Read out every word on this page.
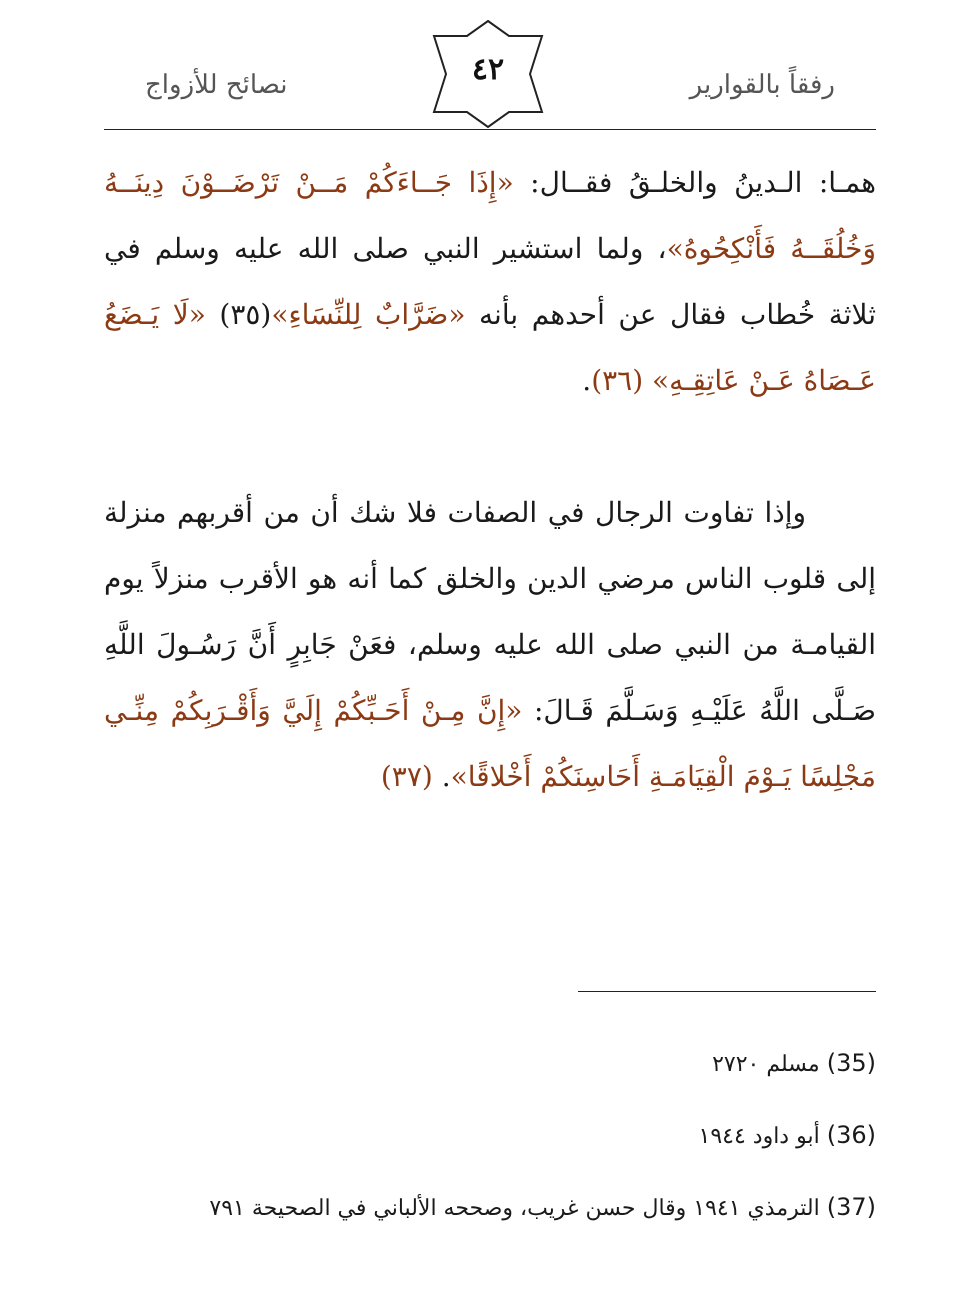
رفقاً بالقوارير
٤٢
نصائح للأزواج
همـا: الـدينُ والخلـقُ فقــال: «إِذَا جَــاءَكُمْ مَــنْ تَرْضَــوْنَ دِينَــهُ وَخُلُقَــهُ فَأَنْكِحُوهُ»، ولما استشير النبي صلى الله عليه وسلم في ثلاثة خُطاب فقال عن أحدهم بأنه «ضَرَّابٌ لِلنِّسَاءِ»(٣٥) «لَا يَـضَعُ عَـصَاهُ عَـنْ عَاتِقِـهِ» (٣٦).
وإذا تفاوت الرجال في الصفات فلا شك أن من أقربهم منزلة إلى قلوب الناس مرضي الدين والخلق كما أنه هو الأقرب منزلاً يوم القيامـة من النبي صلى الله عليه وسلم، فعَنْ جَابِرٍ أَنَّ رَسُـولَ اللَّهِ صَـلَّى اللَّهُ عَلَيْـهِ وَسَـلَّمَ قَـالَ: «إِنَّ مِـنْ أَحَـبِّكُمْ إِلَيَّ وَأَقْـرَبِكُمْ مِنِّـي مَجْلِسًا يَـوْمَ الْقِيَامَـةِ أَحَاسِنَكُمْ أَخْلاقًا». (٣٧)
(35) مسلم ٢٧٢٠
(36) أبو داود ١٩٤٤
(37) الترمذي ١٩٤١ وقال حسن غريب، وصححه الألباني في الصحيحة ٧٩١
